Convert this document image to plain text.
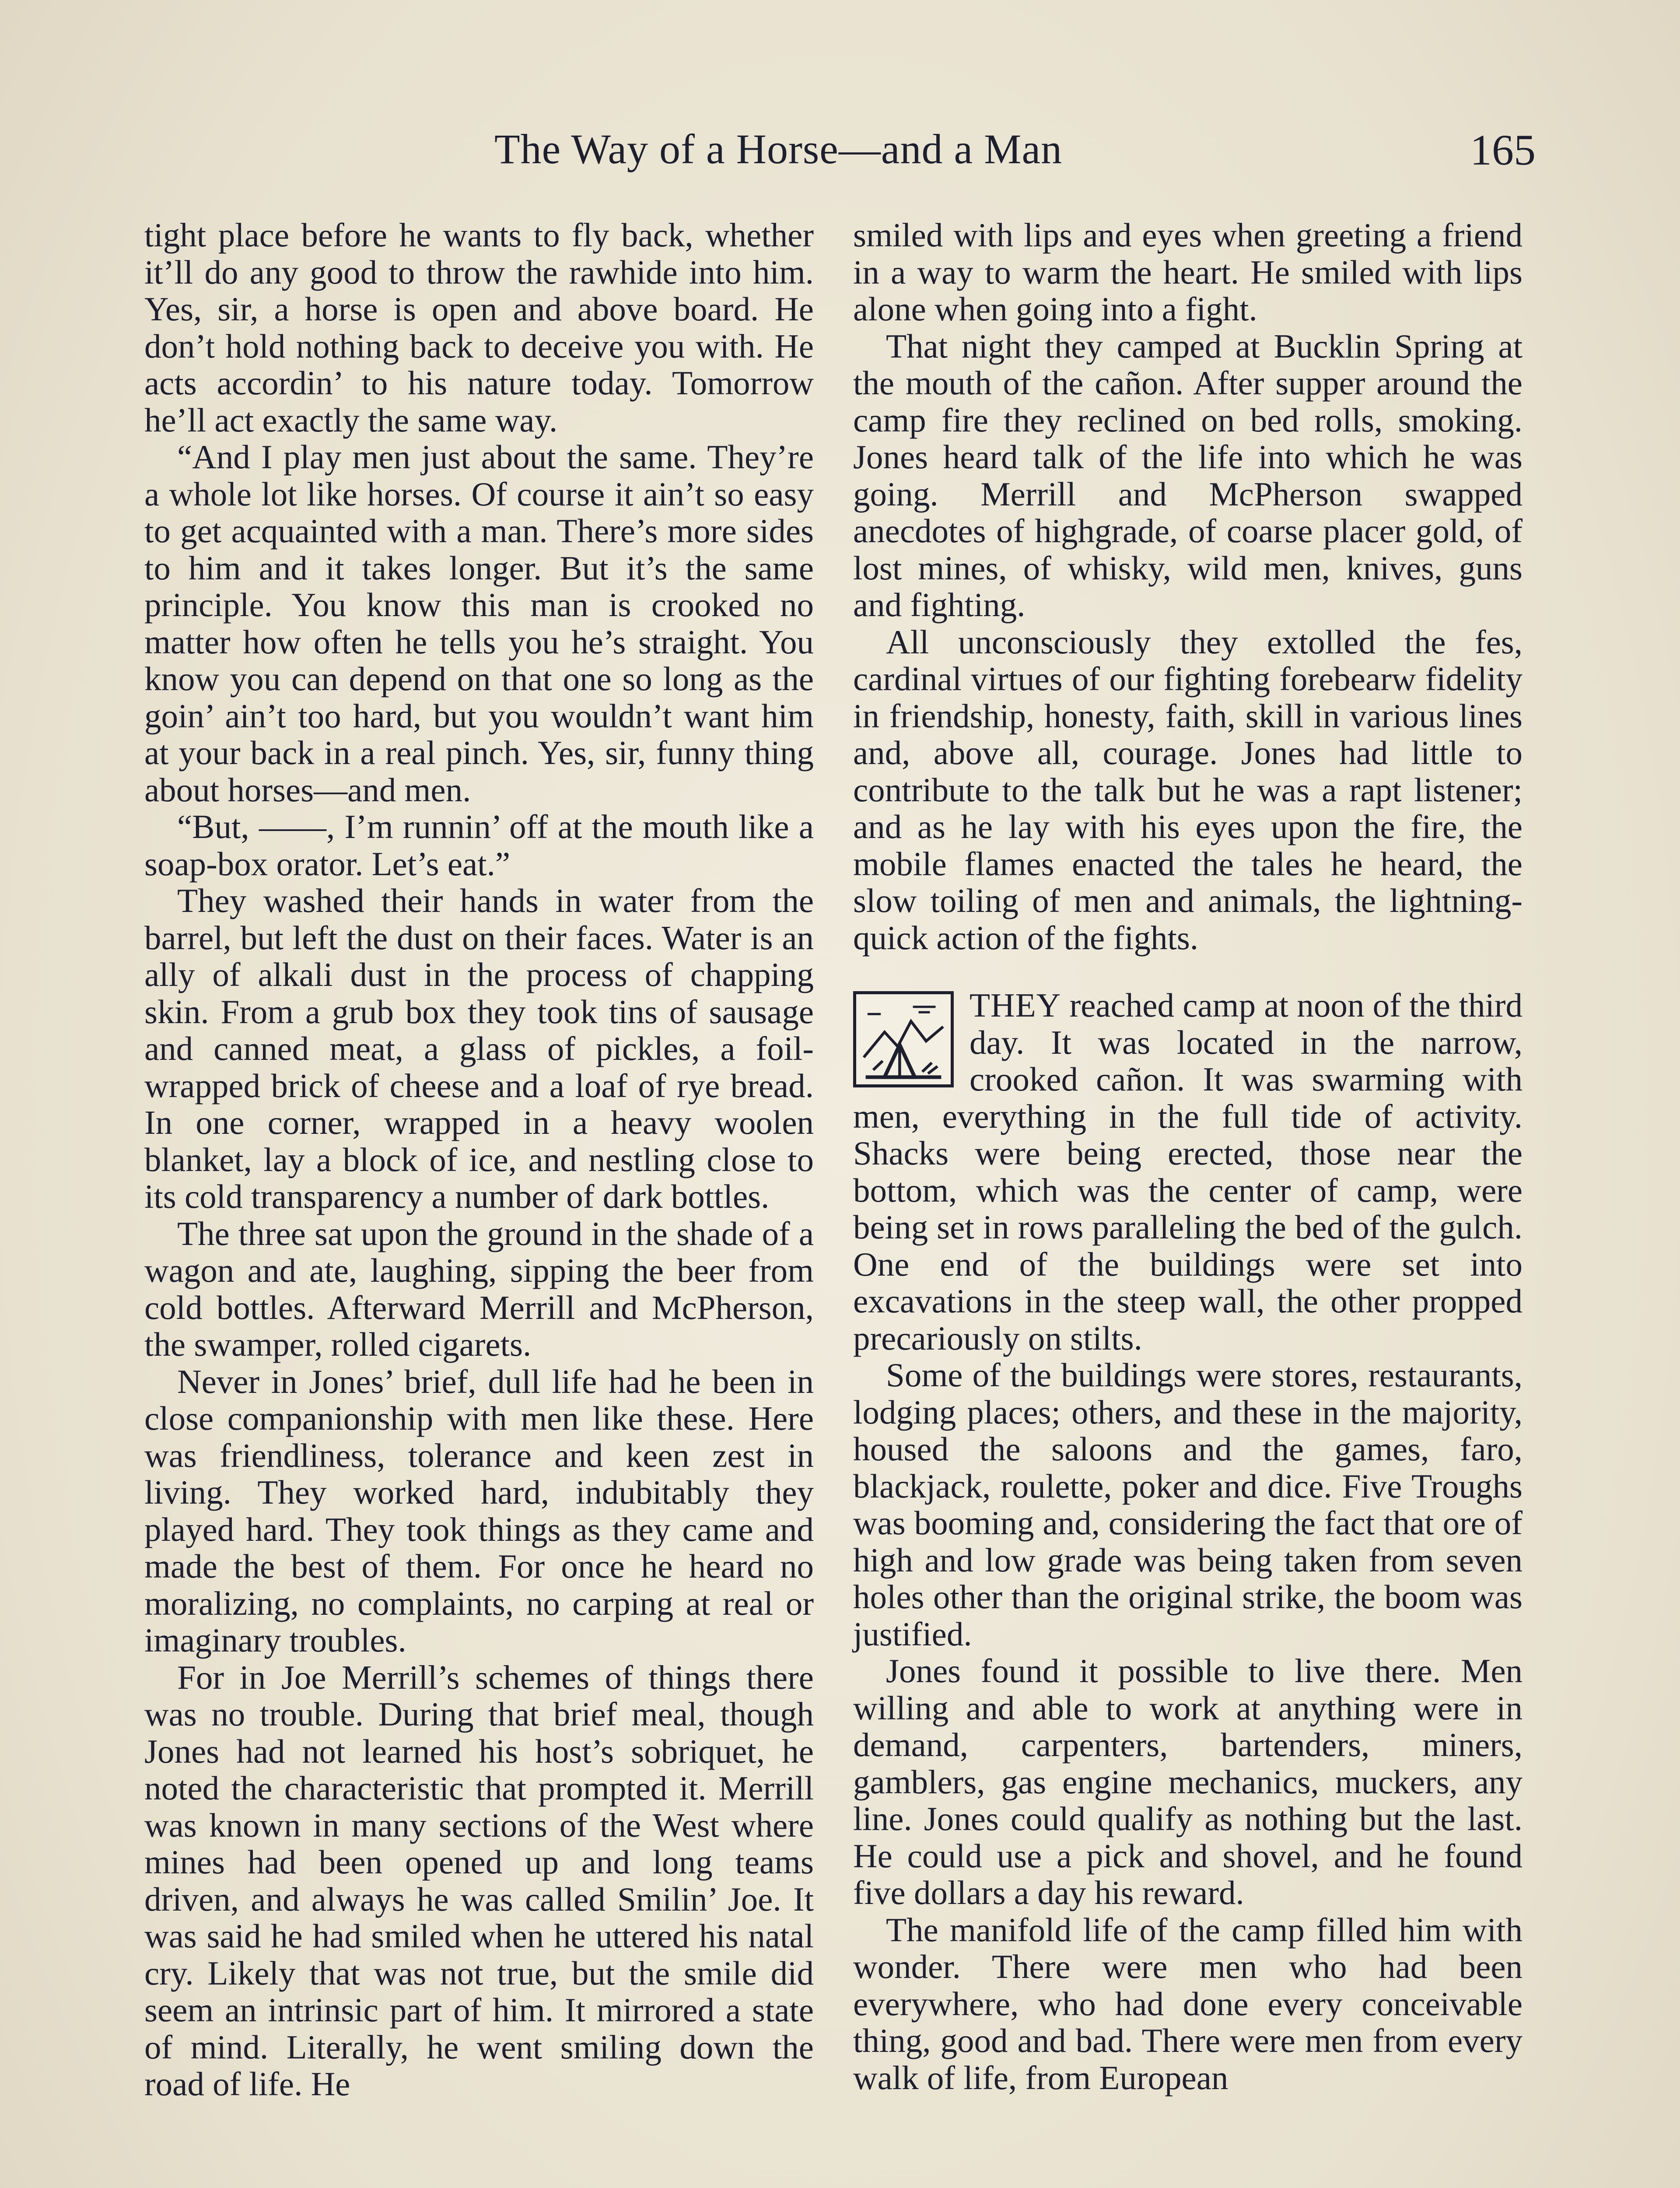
The Way of a Horse—and a Man	165

tight place before he wants to fly back, whether it’ll do any good to throw the rawhide into him. Yes, sir, a horse is open and above board. He don’t hold nothing back to deceive you with. He acts accordin’ to his nature today. Tomorrow he’ll act exactly the same way.

“And I play men just about the same. They’re a whole lot like horses. Of course it ain’t so easy to get acquainted with a man. There’s more sides to him and it takes longer. But it’s the same principle. You know this man is crooked no matter how often he tells you he’s straight. You know you can depend on that one so long as the goin’ ain’t too hard, but you wouldn’t want him at your back in a real pinch. Yes, sir, funny thing about horses—and men.

“But, ——, I’m runnin’ off at the mouth like a soap-box orator. Let’s eat.”

They washed their hands in water from the barrel, but left the dust on their faces. Water is an ally of alkali dust in the process of chapping skin. From a grub box they took tins of sausage and canned meat, a glass of pickles, a foil-wrapped brick of cheese and a loaf of rye bread. In one corner, wrapped in a heavy woolen blanket, lay a block of ice, and nestling close to its cold transparency a number of dark bottles.

The three sat upon the ground in the shade of a wagon and ate, laughing, sipping the beer from cold bottles. Afterward Merrill and McPherson, the swamper, rolled cigarets.

Never in Jones’ brief, dull life had he been in close companionship with men like these. Here was friendliness, tolerance and keen zest in living. They worked hard, indubitably they played hard. They took things as they came and made the best of them. For once he heard no moralizing, no complaints, no carping at real or imaginary troubles.

For in Joe Merrill’s schemes of things there was no trouble. During that brief meal, though Jones had not learned his host’s sobriquet, he noted the characteristic that prompted it. Merrill was known in many sections of the West where mines had been opened up and long teams driven, and always he was called Smilin’ Joe. It was said he had smiled when he uttered his natal cry. Likely that was not true, but the smile did seem an intrinsic part of him. It mirrored a state of mind. Literally, he went smiling down the road of life. He

smiled with lips and eyes when greeting a friend in a way to warm the heart. He smiled with lips alone when going into a fight.

That night they camped at Bucklin Spring at the mouth of the cañon. After supper around the camp fire they reclined on bed rolls, smoking. Jones heard talk of the life into which he was going. Merrill and McPherson swapped anecdotes of highgrade, of coarse placer gold, of lost mines, of whisky, wild men, knives, guns and fighting.

All unconsciously they extolled the fes, cardinal virtues of our fighting forebearw fidelity in friendship, honesty, faith, skill in various lines and, above all, courage. Jones had little to contribute to the talk but he was a rapt listener; and as he lay with his eyes upon the fire, the mobile flames enacted the tales he heard, the slow toiling of men and animals, the lightning-quick action of the fights.

THEY reached camp at noon of the third day. It was located in the narrow, crooked cañon. It was swarming with men, everything in the full tide of activity. Shacks were being erected, those near the bottom, which was the center of camp, were being set in rows paralleling the bed of the gulch. One end of the buildings were set into excavations in the steep wall, the other propped precariously on stilts.

Some of the buildings were stores, restaurants, lodging places; others, and these in the majority, housed the saloons and the games, faro, blackjack, roulette, poker and dice. Five Troughs was booming and, considering the fact that ore of high and low grade was being taken from seven holes other than the original strike, the boom was justified.

Jones found it possible to live there. Men willing and able to work at anything were in demand, carpenters, bartenders, miners, gamblers, gas engine mechanics, muckers, any line. Jones could qualify as nothing but the last. He could use a pick and shovel, and he found five dollars a day his reward.

The manifold life of the camp filled him with wonder. There were men who had been everywhere, who had done every conceivable thing, good and bad. There were men from every walk of life, from European
